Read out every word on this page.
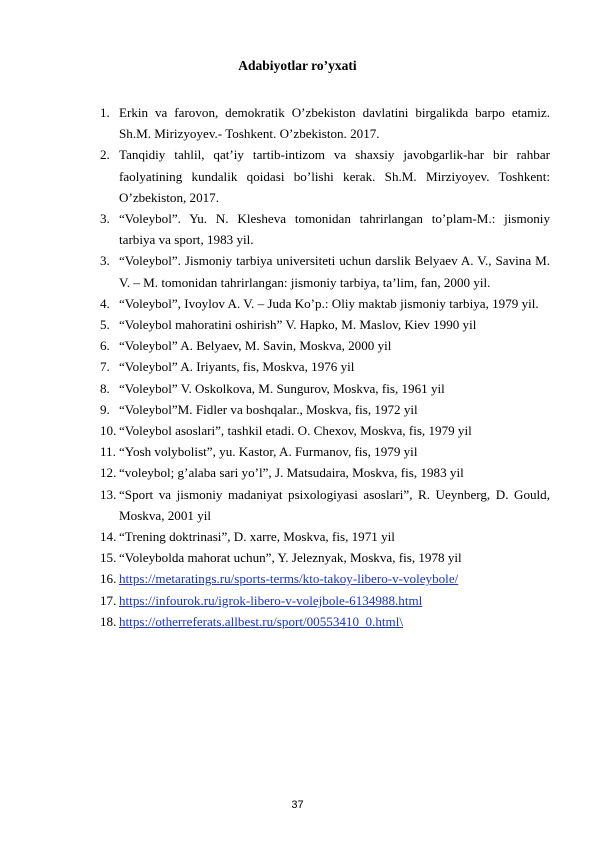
Adabiyotlar ro’yxati
1. Erkin va farovon, demokratik O’zbekiston davlatini birgalikda barpo etamiz. Sh.M. Mirizyoyev.- Toshkent. O’zbekiston. 2017.
2. Tanqidiy tahlil, qat’iy tartib-intizom va shaxsiy javobgarlik-har bir rahbar faolyatining kundalik qoidasi bo’lishi kerak. Sh.M. Mirziyoyev. Toshkent: O’zbekiston, 2017.
3. “Voleybol”. Yu. N. Klesheva tomonidan tahrirlangan to’plam-M.: jismoniy tarbiya va sport, 1983 yil.
3. “Voleybol”. Jismoniy tarbiya universiteti uchun darslik Belyaev A. V., Savina M. V. – M. tomonidan tahrirlangan: jismoniy tarbiya, ta’lim, fan, 2000 yil.
4. “Voleybol”, Ivoylov A. V. – Juda Ko’p.: Oliy maktab jismoniy tarbiya, 1979 yil.
5. “Voleybol mahoratini oshirish” V. Hapko, M. Maslov, Kiev 1990 yil
6. “Voleybol” A. Belyaev, M. Savin, Moskva, 2000 yil
7. “Voleybol” A. Iriyants, fis, Moskva, 1976 yil
8. “Voleybol” V. Oskolkova, M. Sungurov, Moskva, fis, 1961 yil
9. “Voleybol”M. Fidler va boshqalar., Moskva, fis, 1972 yil
10. “Voleybol asoslari”, tashkil etadi. O. Chexov, Moskva, fis, 1979 yil
11. “Yosh volybolist”, yu. Kastor, A. Furmanov, fis, 1979 yil
12. “voleybol; g’alaba sari yo’l”, J. Matsudaira, Moskva, fis, 1983 yil
13. “Sport va jismoniy madaniyat psixologiyasi asoslari”, R. Ueynberg, D. Gould, Moskva, 2001 yil
14. “Trening doktrinasi”, D. xarre, Moskva, fis, 1971 yil
15. “Voleybolda mahorat uchun”, Y. Jeleznyak, Moskva, fis, 1978 yil
16. https://metaratings.ru/sports-terms/kto-takoy-libero-v-voleybole/
17. https://infourok.ru/igrok-libero-v-volejbole-6134988.html
18. https://otherreferats.allbest.ru/sport/00553410_0.html\
37
